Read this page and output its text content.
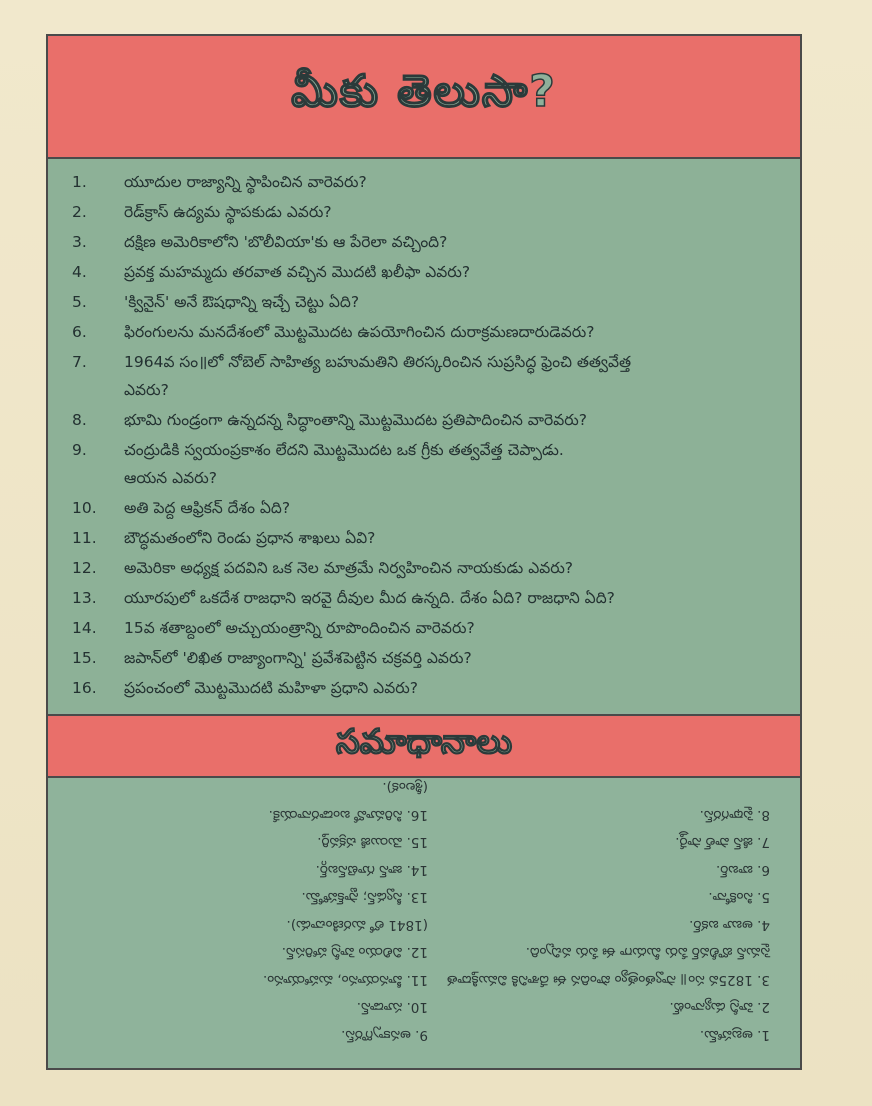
మీకు తెలుసా?
1.	యూదుల రాజ్యాన్ని స్థాపించిన వారెవరు?
2.	రెడ్‌క్రాస్ ఉద్యమ స్థాపకుడు ఎవరు?
3.	దక్షిణ అమెరికాలోని 'బొలీవియా'కు ఆ పేరెలా వచ్చింది?
4.	ప్రవక్త మహమ్మదు తరవాత వచ్చిన మొదటి ఖలీఫా ఎవరు?
5.	'క్వినైన్' అనే ఔషధాన్ని ఇచ్చే చెట్టు ఏది?
6.	ఫిరంగులను మనదేశంలో మొట్టమొదట ఉపయోగించిన దురాక్రమణదారుడెవరు?
7.	1964వ సం॥లో నోబెల్ సాహిత్య బహుమతిని తిరస్కరించిన సుప్రసిద్ధ ఫ్రెంచి తత్వవేత్త
ఎవరు?
8.	భూమి గుండ్రంగా ఉన్నదన్న సిద్ధాంతాన్ని మొట్టమొదట ప్రతిపాదించిన వారెవరు?
9.	చంద్రుడికి స్వయంప్రకాశం లేదని మొట్టమొదట ఒక గ్రీకు తత్వవేత్త చెప్పాడు.
ఆయన ఎవరు?
10.	అతి పెద్ద ఆఫ్రికన్ దేశం ఏది?
11.	బౌద్ధమతంలోని రెండు ప్రధాన శాఖలు ఏవి?
12.	అమెరికా అధ్యక్ష పదవిని ఒక నెల మాత్రమే నిర్వహించిన నాయకుడు ఎవరు?
13.	యూరపులో ఒకదేశ రాజధాని ఇరవై దీవుల మీద ఉన్నది. దేశం ఏది? రాజధాని ఏది?
14.	15వ శతాబ్దంలో అచ్చుయంత్రాన్ని రూపొందించిన వారెవరు?
15.	జపాన్‌లో 'లిఖిత రాజ్యాంగాన్ని' ప్రవేశపెట్టిన చక్రవర్తి ఎవరు?
16.	ప్రపంచంలో మొట్టమొదటి మహిళా ప్రధాని ఎవరు?
సమాధానాలు
1. అబ్రహామ్.
2. హెన్రీ డ్యునాంట్.
3. 1825వ సం॥ స్వాతంత్ర్యం పొందిన ఈ దేశానికి విముక్తిదాత
సైమన్ బొలీవర్ పేరు మీదుగా ఈ పేరు వచ్చింది.
4. అబూ బకర్.
5. సింకోనా.
6. బాబర్.
7. జీన్ పాల్ సార్త్రే.
8. పైథాగరస్.
9. అనక్సాగొరస్.
10. సూడాన్.
11. హీనయానం, మహాయానం.
12. విలియం హెన్రీ హారిసన్.
(1841 లో మరణించాడు).
13. స్వీడన్; స్టాక్‌హోమ్.
14. జాన్ గూటెన్‌బర్గ్.
15. మెయిజీ చక్రవర్తి.
16. సిరిమావో బండారనాయకే.
(శ్రీలంక).
